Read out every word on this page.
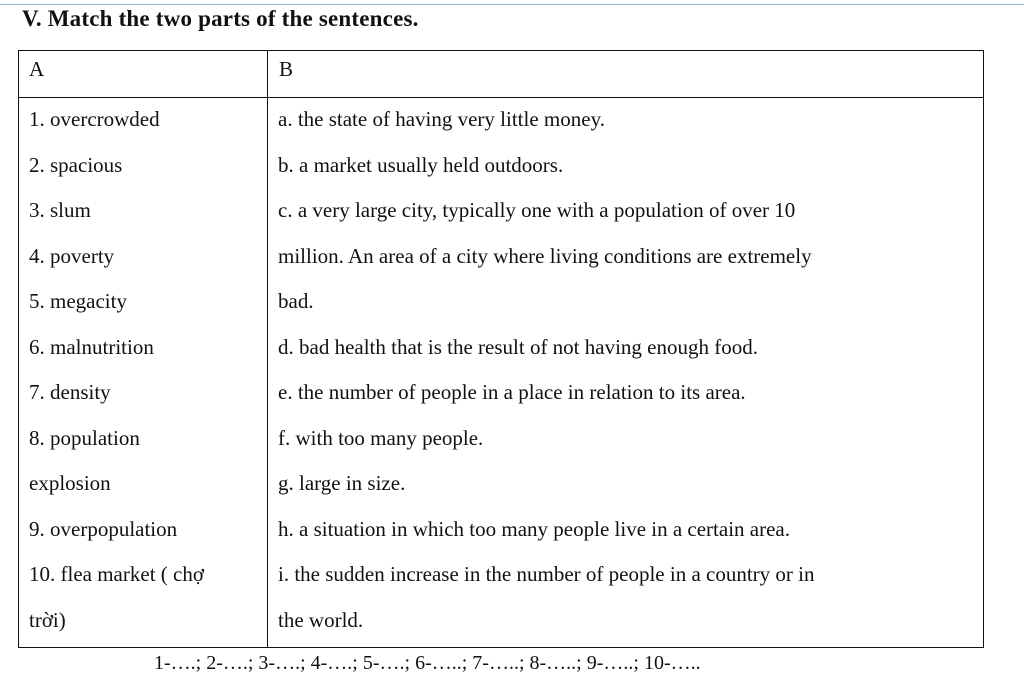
V. Match the two parts of the sentences.
A	B
1. overcrowded
2. spacious
3. slum
4. poverty
5. megacity
6. malnutrition
7. density
8. population
explosion
9. overpopulation
10. flea market ( chợ
trời)
a. the state of having very little money.
b. a market usually held outdoors.
c. a very large city, typically one with a population of over 10
million. An area of a city where living conditions are extremely
bad.
d. bad health that is the result of not having enough food.
e. the number of people in a place in relation to its area.
f. with too many people.
g. large in size.
h. a situation in which too many people live in a certain area.
i. the sudden increase in the number of people in a country or in
the world.
1-….; 2-….; 3-….; 4-….; 5-….; 6-…..; 7-…..; 8-…..; 9-…..; 10-…..
